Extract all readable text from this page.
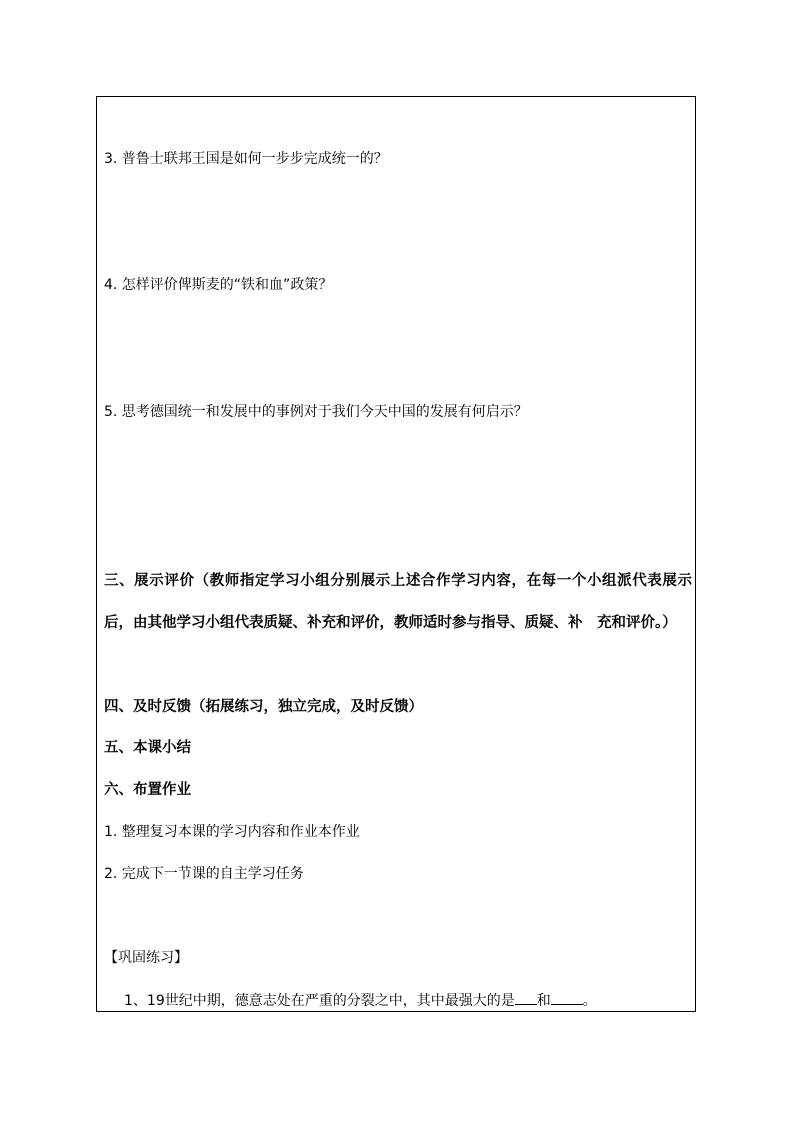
3. 普鲁士联邦王国是如何一步步完成统一的？
4. 怎样评价俾斯麦的“铁和血”政策？
5. 思考德国统一和发展中的事例对于我们今天中国的发展有何启示？
三、展示评价（教师指定学习小组分别展示上述合作学习内容，在每一个小组派代表展示后，由其他学习小组代表质疑、补充和评价，教师适时参与指导、质疑、补　充和评价。）
四、及时反馈（拓展练习，独立完成，及时反馈）
五、本课小结
六、布置作业
1. 整理复习本课的学习内容和作业本作业
2. 完成下一节课的自主学习任务
【巩固练习】
1、19世纪中期，德意志处在严重的分裂之中，其中最强大的是 和 。
